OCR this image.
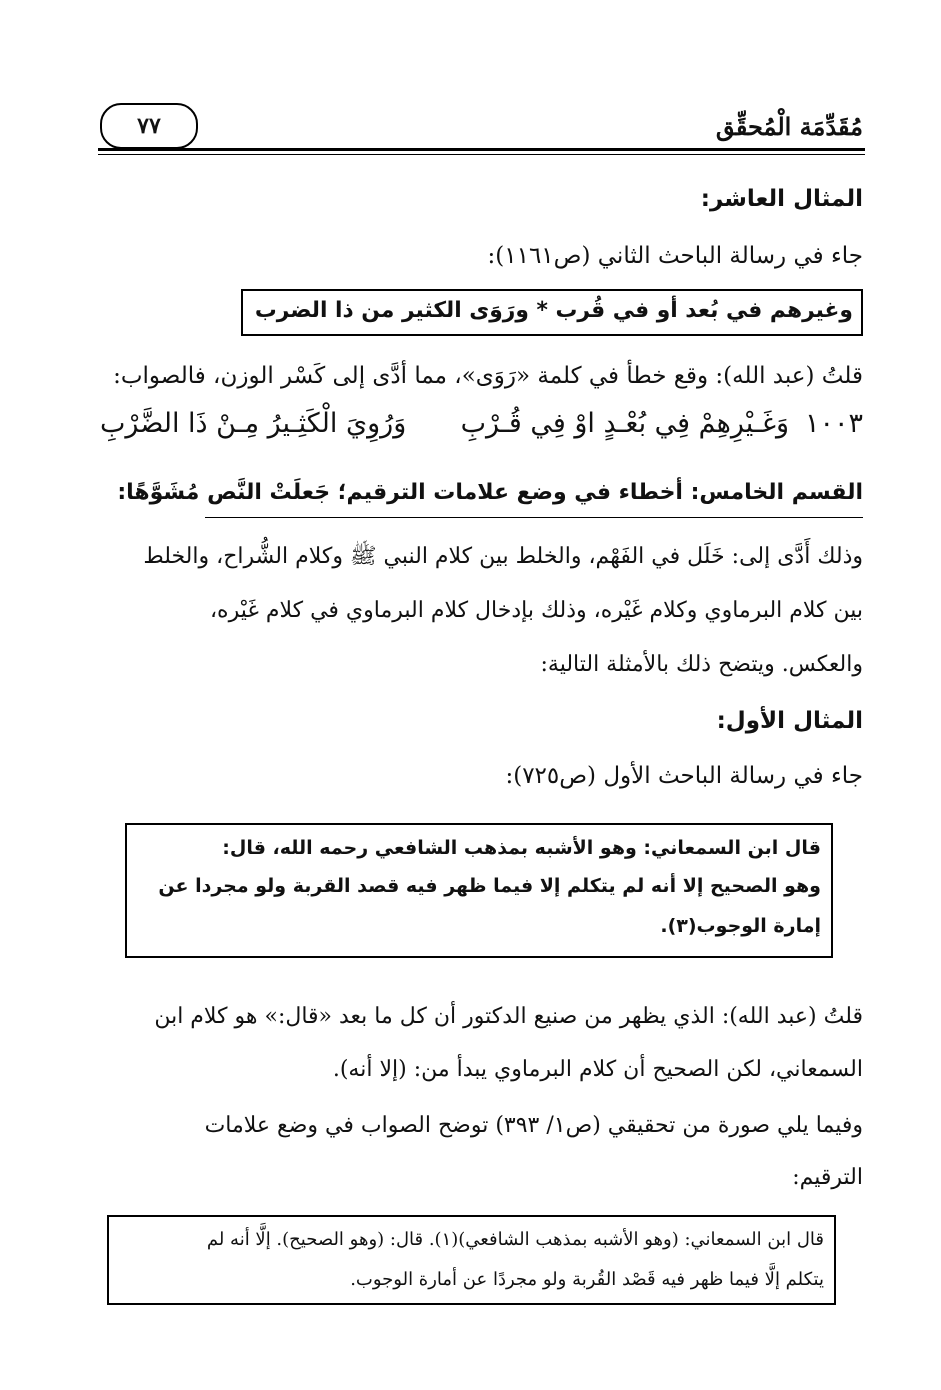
مُقَدِّمَة الْمُحقِّق
٧٧
المثال العاشر:
جاء في رسالة الباحث الثاني (ص١١٦١):
وغيرهم في بُعد أو في قُرب * ورَوَى الكثير من ذا الضرب
قلتُ (عبد الله): وقع خطأ في كلمة «رَوَى»، مما أدَّى إلى كَسْر الوزن، فالصواب:
١٠٠٣
وَغَـيْرِهِمْ فِي بُعْـدٍ اوْ فِي قُـرْبِ
وَرُوِيَ الْكَثِـيرُ مِـنْ ذَا الضَّرْبِ
القسم الخامس: أخطاء في وضع علامات الترقيم؛ جَعلَتْ النَّص مُشَوَّهًا:
وذلك أَدَّى إلى: خَلَل في الفَهْم، والخلط بين كلام النبي ﷺ وكلام الشُّراح، والخلط
بين كلام البرماوي وكلام غَيْره، وذلك بإدخال كلام البرماوي في كلام غَيْره،
والعكس. ويتضح ذلك بالأمثلة التالية:
المثال الأول:
جاء في رسالة الباحث الأول (ص٧٢٥):
قال ابن السمعاني: وهو الأشبه بمذهب الشافعي رحمه الله، قال:
وهو الصحيح إلا أنه لم يتكلم إلا فيما ظهر فيه قصد القربة ولو مجردا عن
إمارة الوجوب(٣).
قلتُ (عبد الله): الذي يظهر من صنيع الدكتور أن كل ما بعد «قال:» هو كلام ابن
السمعاني، لكن الصحيح أن كلام البرماوي يبدأ من: (إلا أنه).
وفيما يلي صورة من تحقيقي (ص١/ ٣٩٣) توضح الصواب في وضع علامات
الترقيم:
قال ابن السمعاني: (وهو الأشبه بمذهب الشافعي)(١). قال: (وهو الصحيح). إلَّا أنه لم
يتكلم إلَّا فيما ظهر فيه قَصْد القُربة ولو مجردًا عن أمارة الوجوب.
